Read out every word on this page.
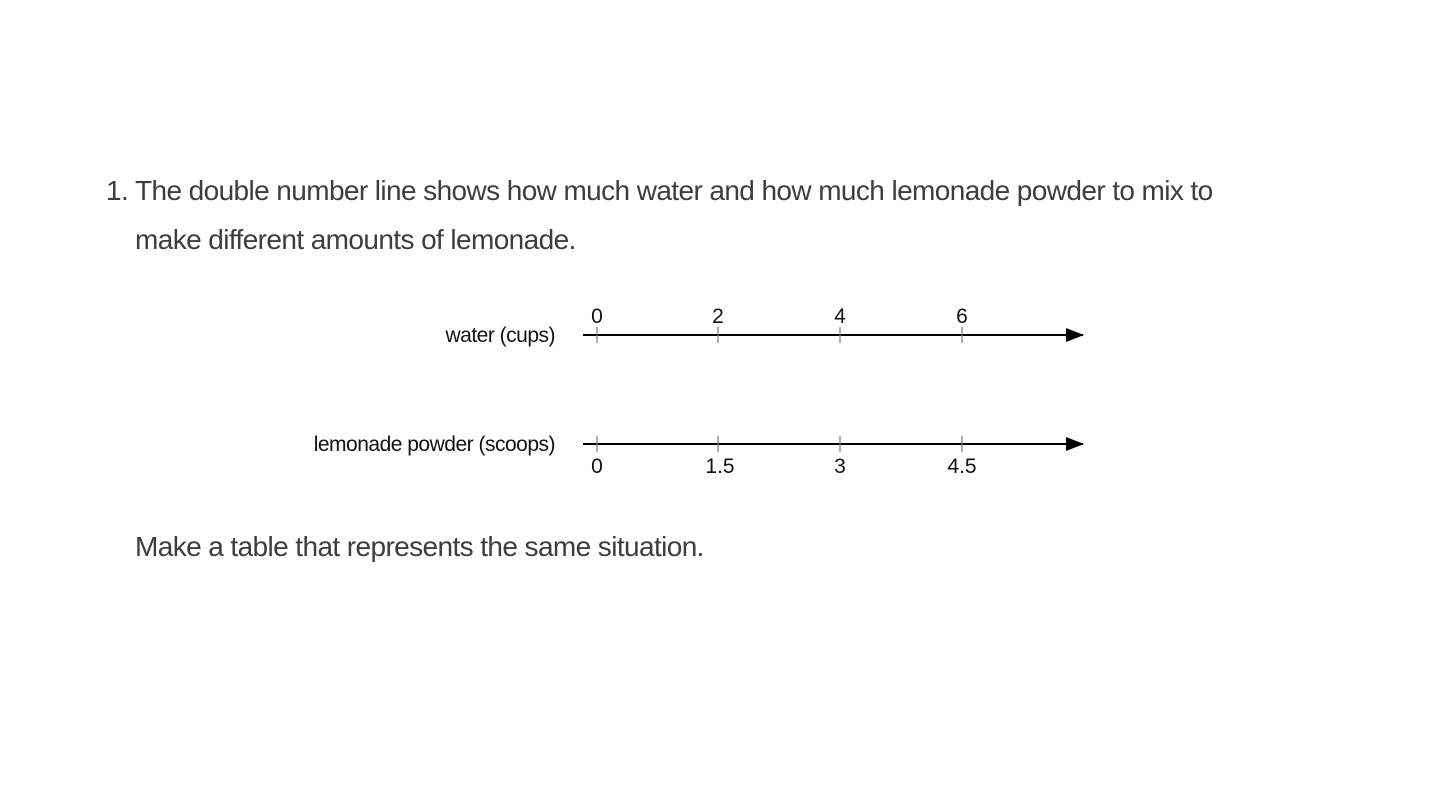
1. The double number line shows how much water and how much lemonade powder to mix to make different amounts of lemonade.
water (cups)
0	2	4	6
lemonade powder (scoops)
0	1.5	3	4.5
Make a table that represents the same situation.
